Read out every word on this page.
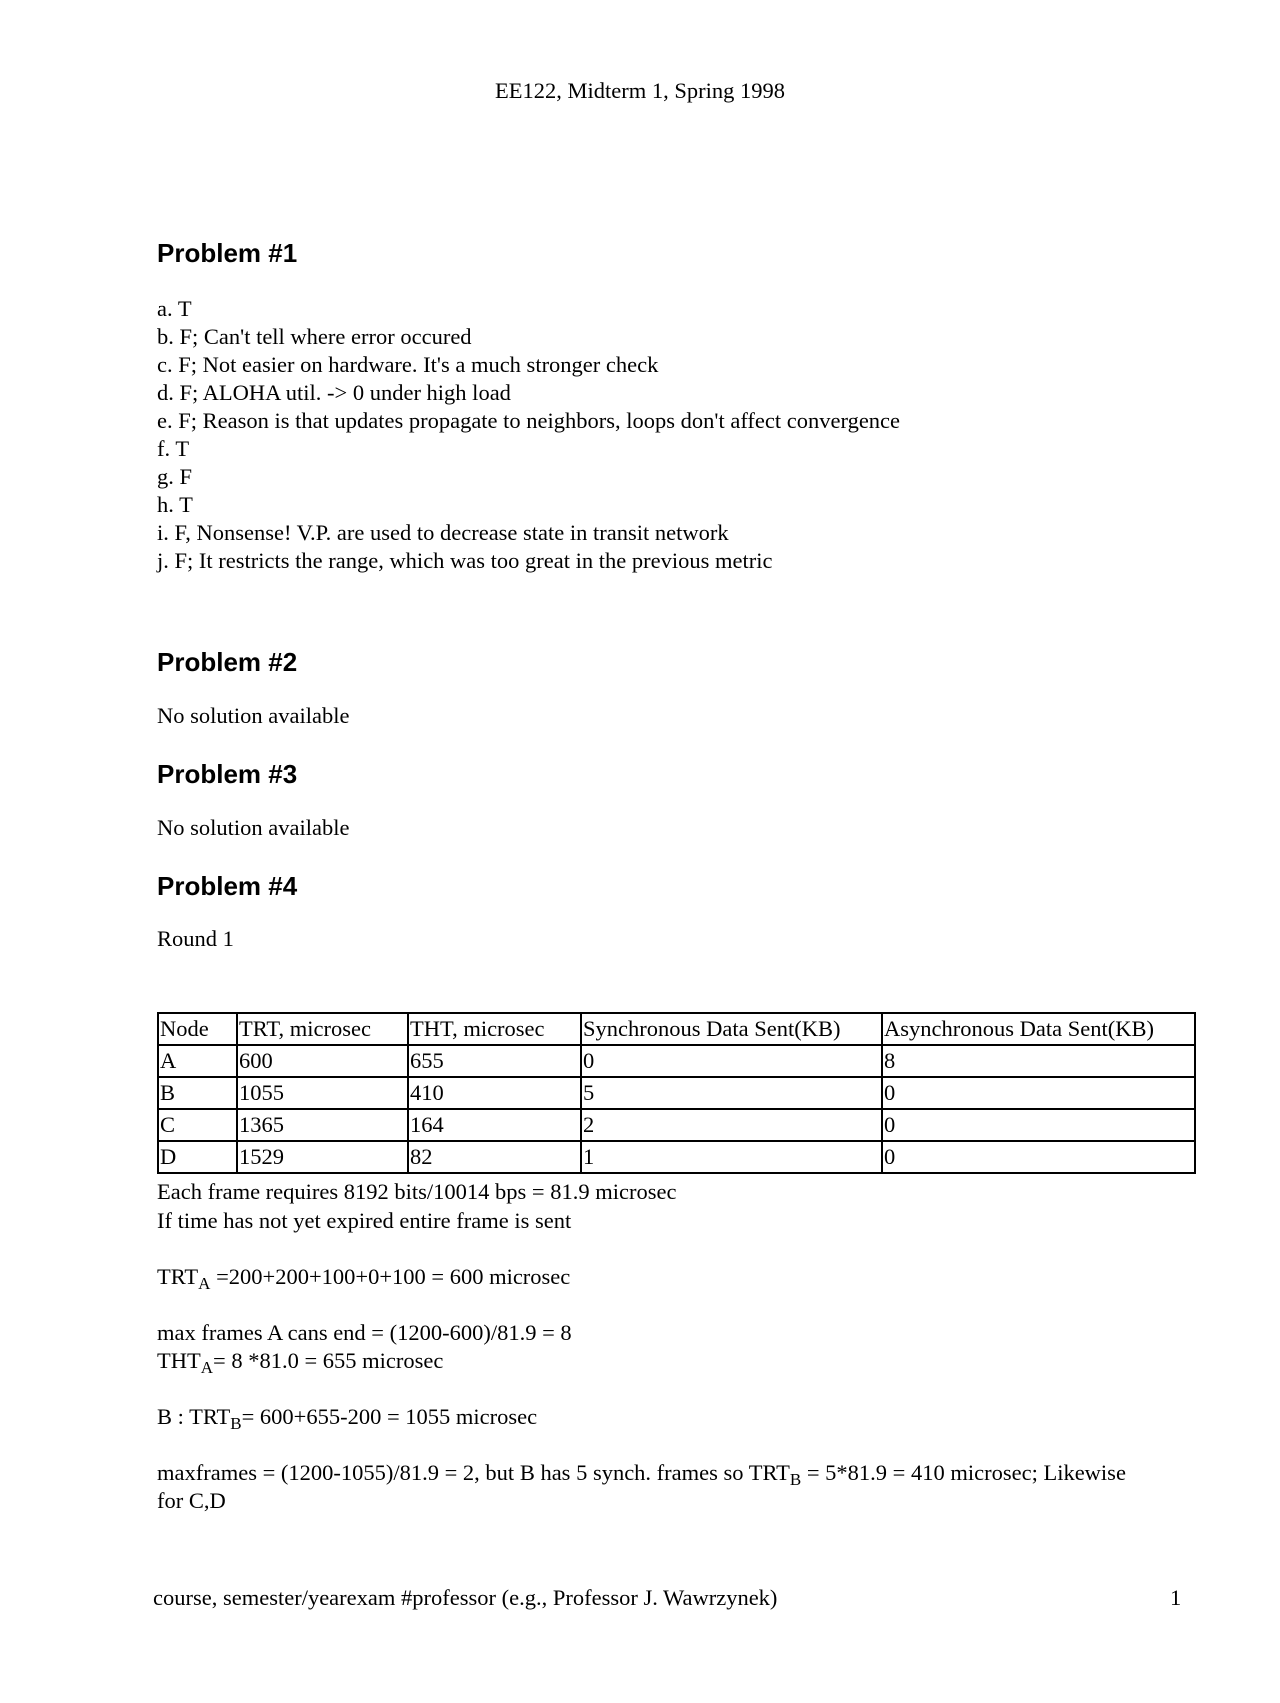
EE122, Midterm 1, Spring 1998
Problem #1
a. T
b. F; Can't tell where error occured
c. F; Not easier on hardware. It's a much stronger check
d. F; ALOHA util. -> 0 under high load
e. F; Reason is that updates propagate to neighbors, loops don't affect convergence
f. T
g. F
h. T
i. F, Nonsense! V.P. are used to decrease state in transit network
j. F; It restricts the range, which was too great in the previous metric
Problem #2

No solution available

Problem #3

No solution available

Problem #4

Round 1

Node	TRT, microsec	THT, microsec	Synchronous Data Sent(KB)	Asynchronous Data Sent(KB)
A	600	655	0	8
B	1055	410	5	0
C	1365	164	2	0
D	1529	82	1	0

Each frame requires 8192 bits/10014 bps = 81.9 microsec

If time has not yet expired entire frame is sent

$TRT_A =200+200+100+0+100 = 600$ microsec

max frames A cans end = (1200-600)/81.9 = 8

$THT_A= 8$ *81.0 = 655 microsec

B : $TRT_B= 600+655-200 = 1055$ microsec

maxframes = (1200-1055)/81.9 = 2, but B has 5 synch. frames so $TRT_B = 5*81.9 = 410$ microsec; Likewise

for C,D

course, semester/yearexam #professor (e.g., Professor J. Wawrzynek)	1
